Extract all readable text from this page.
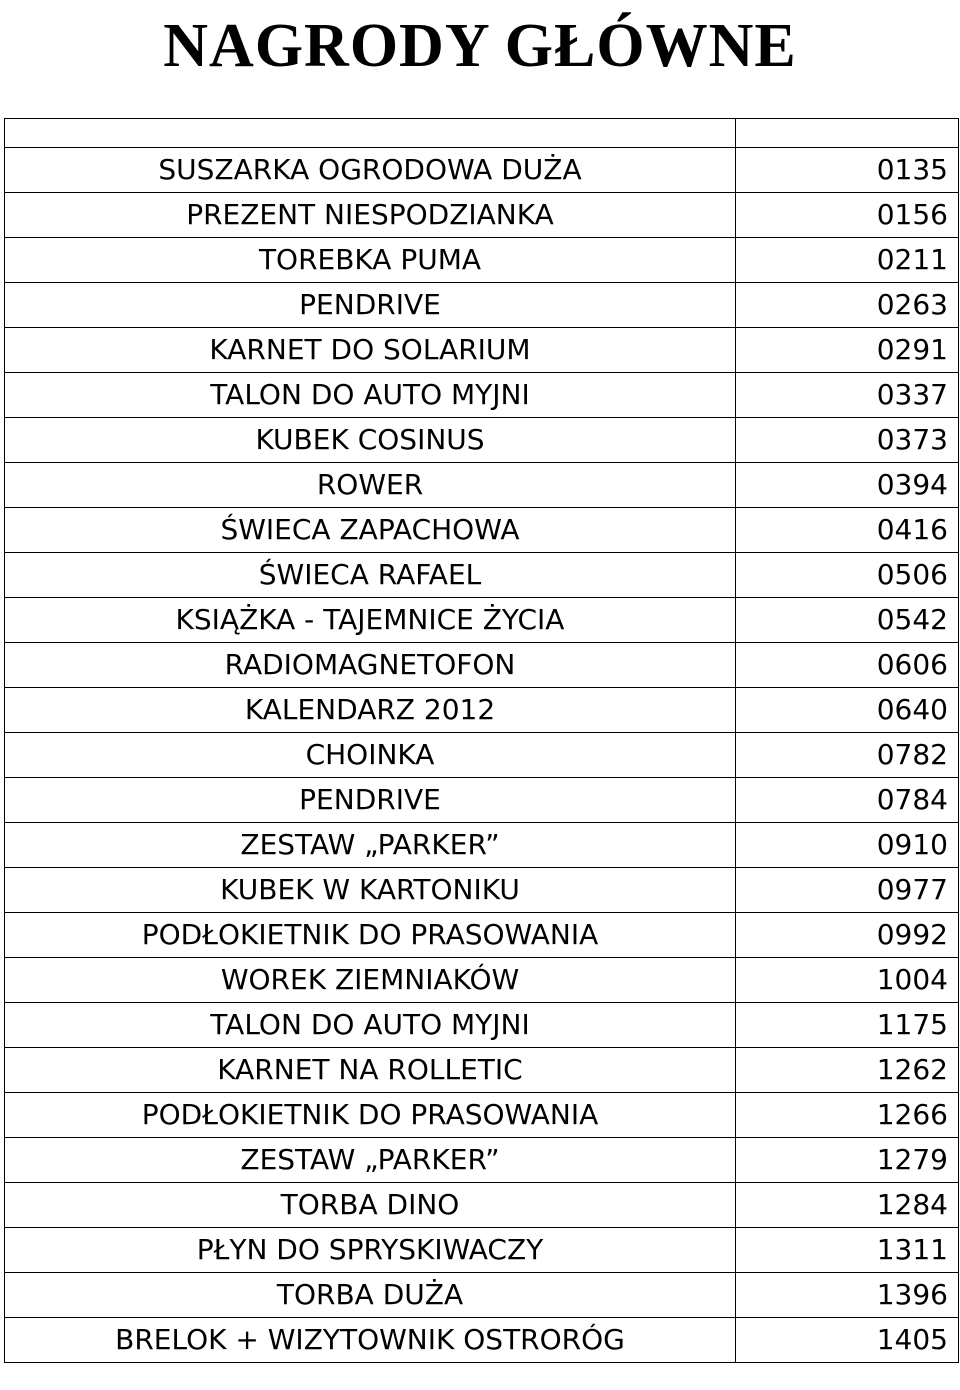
NAGRODY GŁÓWNE

SUSZARKA OGRODOWA DUŻA	0135
PREZENT NIESPODZIANKA	0156
TOREBKA PUMA	0211
PENDRIVE	0263
KARNET DO SOLARIUM	0291
TALON DO AUTO MYJNI	0337
KUBEK COSINUS	0373
ROWER	0394
ŚWIECA ZAPACHOWA	0416
ŚWIECA RAFAEL	0506
KSIĄŻKA - TAJEMNICE ŻYCIA	0542
RADIOMAGNETOFON	0606
KALENDARZ 2012	0640
CHOINKA	0782
PENDRIVE	0784
ZESTAW „PARKER”	0910
KUBEK W KARTONIKU	0977
PODŁOKIETNIK DO PRASOWANIA	0992
WOREK ZIEMNIAKÓW	1004
TALON DO AUTO MYJNI	1175
KARNET NA ROLLETIC	1262
PODŁOKIETNIK DO PRASOWANIA	1266
ZESTAW „PARKER”	1279
TORBA DINO	1284
PŁYN DO SPRYSKIWACZY	1311
TORBA DUŻA	1396
BRELOK + WIZYTOWNIK OSTRORÓG	1405
